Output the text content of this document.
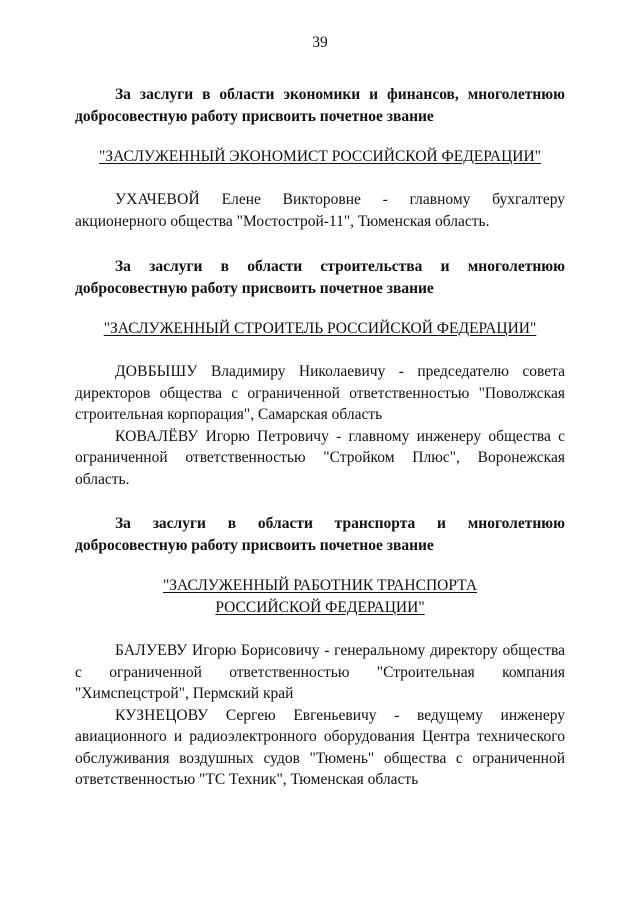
39
За заслуги в области экономики и финансов, многолетнюю
добросовестную работу присвоить почетное звание
"ЗАСЛУЖЕННЫЙ ЭКОНОМИСТ РОССИЙСКОЙ ФЕДЕРАЦИИ"

УХАЧЕВОЙ Елене Викторовне - главному бухгалтеру акционерного общества "Мостострой-11", Тюменская область.

За заслуги в области строительства и многолетнюю
добросовестную работу присвоить почетное звание
"ЗАСЛУЖЕННЫЙ СТРОИТЕЛЬ РОССИЙСКОЙ ФЕДЕРАЦИИ"

ДОВБЫШУ Владимиру Николаевичу - председателю совета директоров общества с ограниченной ответственностью "Поволжская строительная корпорация", Самарская область

КОВАЛЁВУ Игорю Петровичу - главному инженеру общества с ограниченной ответственностью "Стройком Плюс", Воронежская область.

За заслуги в области транспорта и многолетнюю
добросовестную работу присвоить почетное звание
"ЗАСЛУЖЕННЫЙ РАБОТНИК ТРАНСПОРТА
РОССИЙСКОЙ ФЕДЕРАЦИИ"

БАЛУЕВУ Игорю Борисовичу - генеральному директору общества с ограниченной ответственностью "Строительная компания "Химспецстрой", Пермский край

КУЗНЕЦОВУ Сергею Евгеньевичу - ведущему инженеру авиационного и радиоэлектронного оборудования Центра технического обслуживания воздушных судов "Тюмень" общества с ограниченной ответственностью "ТС Техник", Тюменская область
